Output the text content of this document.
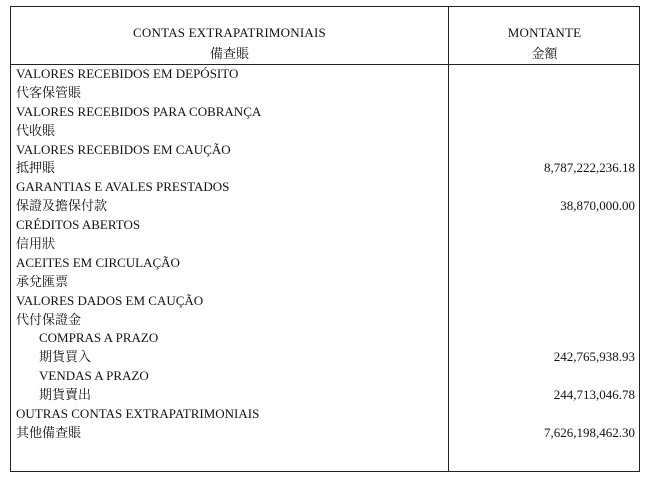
CONTAS EXTRAPATRIMONIAIS
備查賬
MONTANTE
金額
VALORES RECEBIDOS EM DEPÓSITO
代客保管賬
VALORES RECEBIDOS PARA COBRANÇA
代收賬
VALORES RECEBIDOS EM CAUÇÃO
抵押賬	8,787,222,236.18
GARANTIAS E AVALES PRESTADOS
保證及擔保付款	38,870,000.00
CRÉDITOS ABERTOS
信用狀
ACEITES EM CIRCULAÇÃO
承兌匯票
VALORES DADOS EM CAUÇÃO
代付保證金
COMPRAS A PRAZO
期貨買入	242,765,938.93
VENDAS A PRAZO
期貨賣出	244,713,046.78
OUTRAS CONTAS EXTRAPATRIMONIAIS
其他備查賬	7,626,198,462.30
